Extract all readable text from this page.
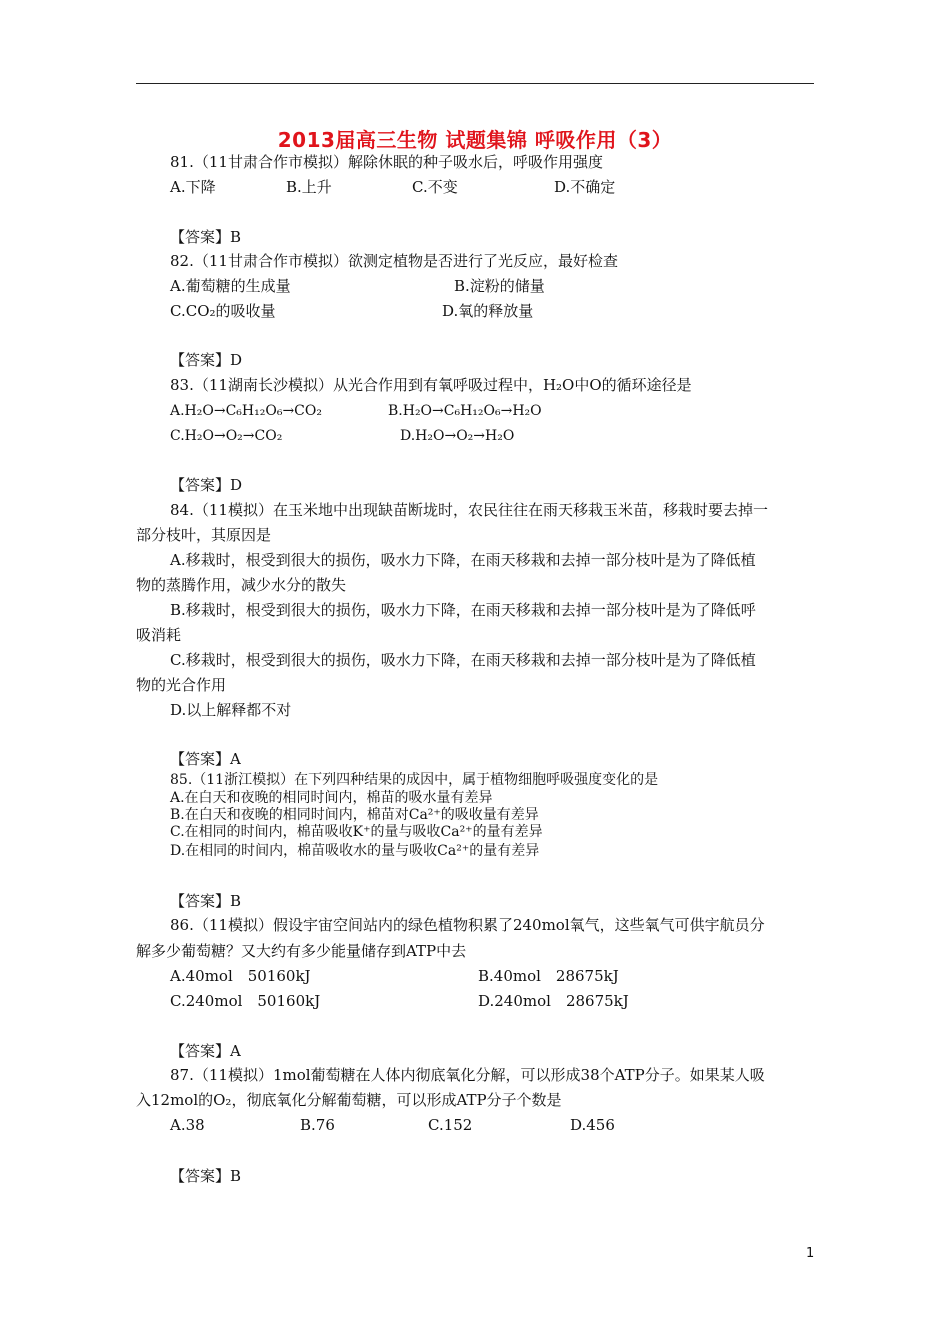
2013届高三生物 试题集锦 呼吸作用（3）
81.（11甘肃合作市模拟）解除休眠的种子吸水后，呼吸作用强度
A.下降	B.上升	C.不变	D.不确定
【答案】B
82.（11甘肃合作市模拟）欲测定植物是否进行了光反应，最好检查
A.葡萄糖的生成量	B.淀粉的储量
C.CO₂的吸收量	D.氧的释放量
【答案】D
83.（11湖南长沙模拟）从光合作用到有氧呼吸过程中，H₂O中O的循环途径是
A.H₂O→C₆H₁₂O₆→CO₂	B.H₂O→C₆H₁₂O₆→H₂O
C.H₂O→O₂→CO₂	D.H₂O→O₂→H₂O
【答案】D
84.（11模拟）在玉米地中出现缺苗断垅时，农民往往在雨天移栽玉米苗，移栽时要去掉一
部分枝叶，其原因是
A.移栽时，根受到很大的损伤，吸水力下降，在雨天移栽和去掉一部分枝叶是为了降低植
物的蒸腾作用，减少水分的散失
B.移栽时，根受到很大的损伤，吸水力下降，在雨天移栽和去掉一部分枝叶是为了降低呼
吸消耗
C.移栽时，根受到很大的损伤，吸水力下降，在雨天移栽和去掉一部分枝叶是为了降低植
物的光合作用
D.以上解释都不对
【答案】A
85.（11浙江模拟）在下列四种结果的成因中，属于植物细胞呼吸强度变化的是
A.在白天和夜晚的相同时间内，棉苗的吸水量有差异
B.在白天和夜晚的相同时间内，棉苗对Ca²⁺的吸收量有差异
C.在相同的时间内，棉苗吸收K⁺的量与吸收Ca²⁺的量有差异
D.在相同的时间内，棉苗吸收水的量与吸收Ca²⁺的量有差异
【答案】B
86.（11模拟）假设宇宙空间站内的绿色植物积累了240mol氧气，这些氧气可供宇航员分
解多少葡萄糖？又大约有多少能量储存到ATP中去
A.40mol　50160kJ	B.40mol　28675kJ
C.240mol　50160kJ	D.240mol　28675kJ
【答案】A
87.（11模拟）1mol葡萄糖在人体内彻底氧化分解，可以形成38个ATP分子。如果某人吸
入12mol的O₂，彻底氧化分解葡萄糖，可以形成ATP分子个数是
A.38	B.76	C.152	D.456
【答案】B
1
